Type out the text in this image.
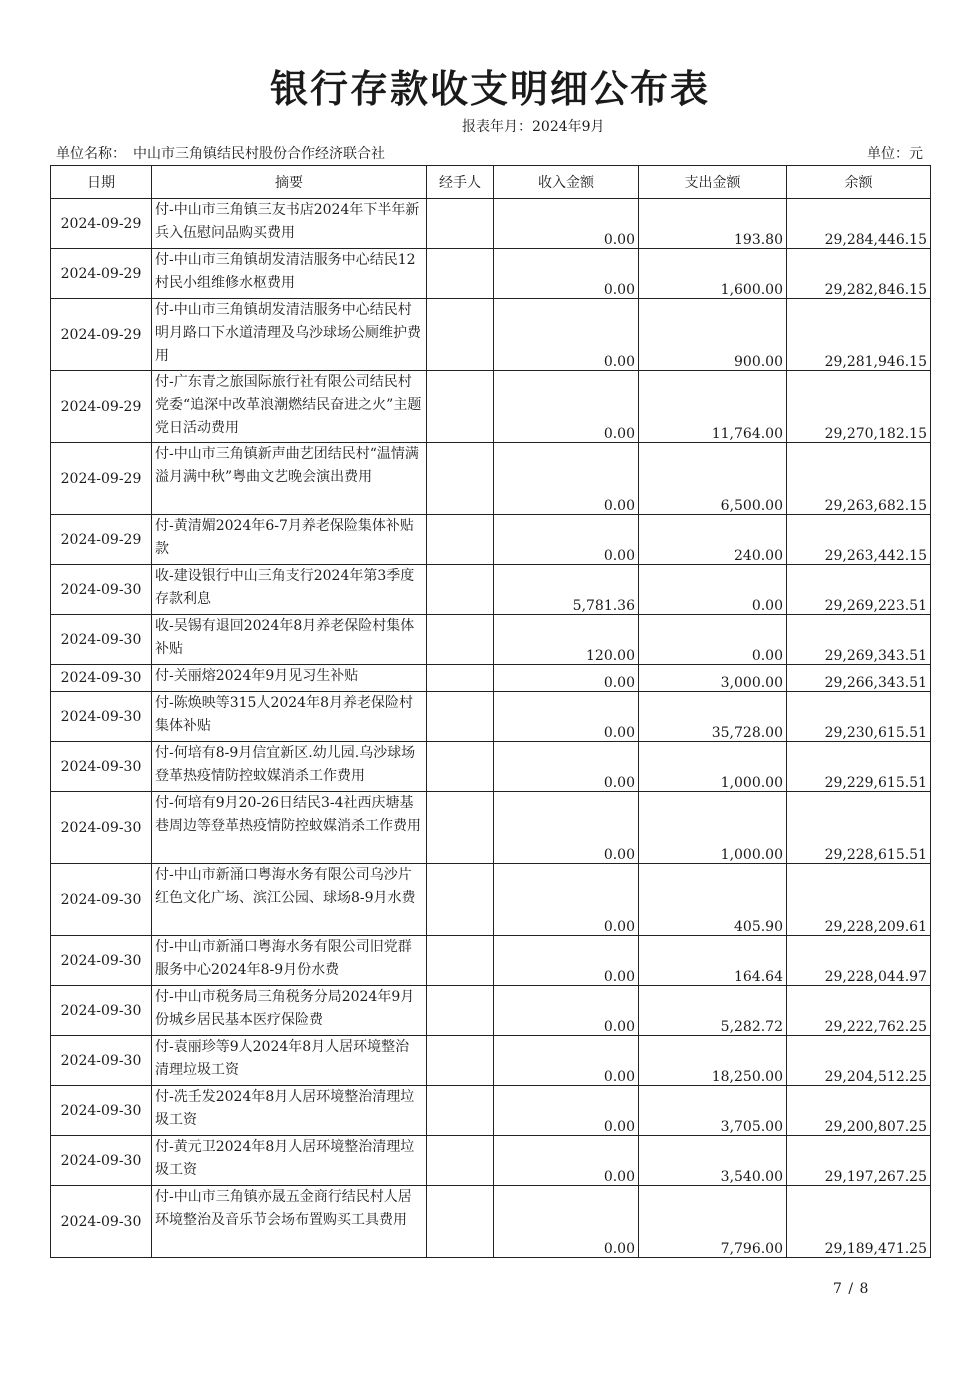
银行存款收支明细公布表
报表年月：2024年9月
单位名称：　中山市三角镇结民村股份合作经济联合社	单位：元
日期	摘要	经手人	收入金额	支出金额	余额
2024-09-29	付-中山市三角镇三友书店2024年下半年新兵入伍慰问品购买费用		0.00	193.80	29,284,446.15
2024-09-29	付-中山市三角镇胡发清洁服务中心结民12村民小组维修水枢费用		0.00	1,600.00	29,282,846.15
2024-09-29	付-中山市三角镇胡发清洁服务中心结民村明月路口下水道清理及乌沙球场公厕维护费用		0.00	900.00	29,281,946.15
2024-09-29	付-广东青之旅国际旅行社有限公司结民村党委“追深中改革浪潮燃结民奋进之火”主题党日活动费用		0.00	11,764.00	29,270,182.15
2024-09-29	付-中山市三角镇新声曲艺团结民村“温情满溢月满中秋”粤曲文艺晚会演出费用		0.00	6,500.00	29,263,682.15
2024-09-29	付-黄清媚2024年6-7月养老保险集体补贴款		0.00	240.00	29,263,442.15
2024-09-30	收-建设银行中山三角支行2024年第3季度存款利息		5,781.36	0.00	29,269,223.51
2024-09-30	收-吴锡有退回2024年8月养老保险村集体补贴		120.00	0.00	29,269,343.51
2024-09-30	付-关丽熔2024年9月见习生补贴		0.00	3,000.00	29,266,343.51
2024-09-30	付-陈焕映等315人2024年8月养老保险村集体补贴		0.00	35,728.00	29,230,615.51
2024-09-30	付-何培有8-9月信宜新区.幼儿园.乌沙球场登革热疫情防控蚊媒消杀工作费用		0.00	1,000.00	29,229,615.51
2024-09-30	付-何培有9月20-26日结民3-4社西庆塘基巷周边等登革热疫情防控蚊媒消杀工作费用		0.00	1,000.00	29,228,615.51
2024-09-30	付-中山市新涌口粤海水务有限公司乌沙片红色文化广场、滨江公园、球场8-9月水费		0.00	405.90	29,228,209.61
2024-09-30	付-中山市新涌口粤海水务有限公司旧党群服务中心2024年8-9月份水费		0.00	164.64	29,228,044.97
2024-09-30	付-中山市税务局三角税务分局2024年9月份城乡居民基本医疗保险费		0.00	5,282.72	29,222,762.25
2024-09-30	付-袁丽珍等9人2024年8月人居环境整治清理垃圾工资		0.00	18,250.00	29,204,512.25
2024-09-30	付-冼壬发2024年8月人居环境整治清理垃圾工资		0.00	3,705.00	29,200,807.25
2024-09-30	付-黄元卫2024年8月人居环境整治清理垃圾工资		0.00	3,540.00	29,197,267.25
2024-09-30	付-中山市三角镇亦晟五金商行结民村人居环境整治及音乐节会场布置购买工具费用		0.00	7,796.00	29,189,471.25
7 / 8
